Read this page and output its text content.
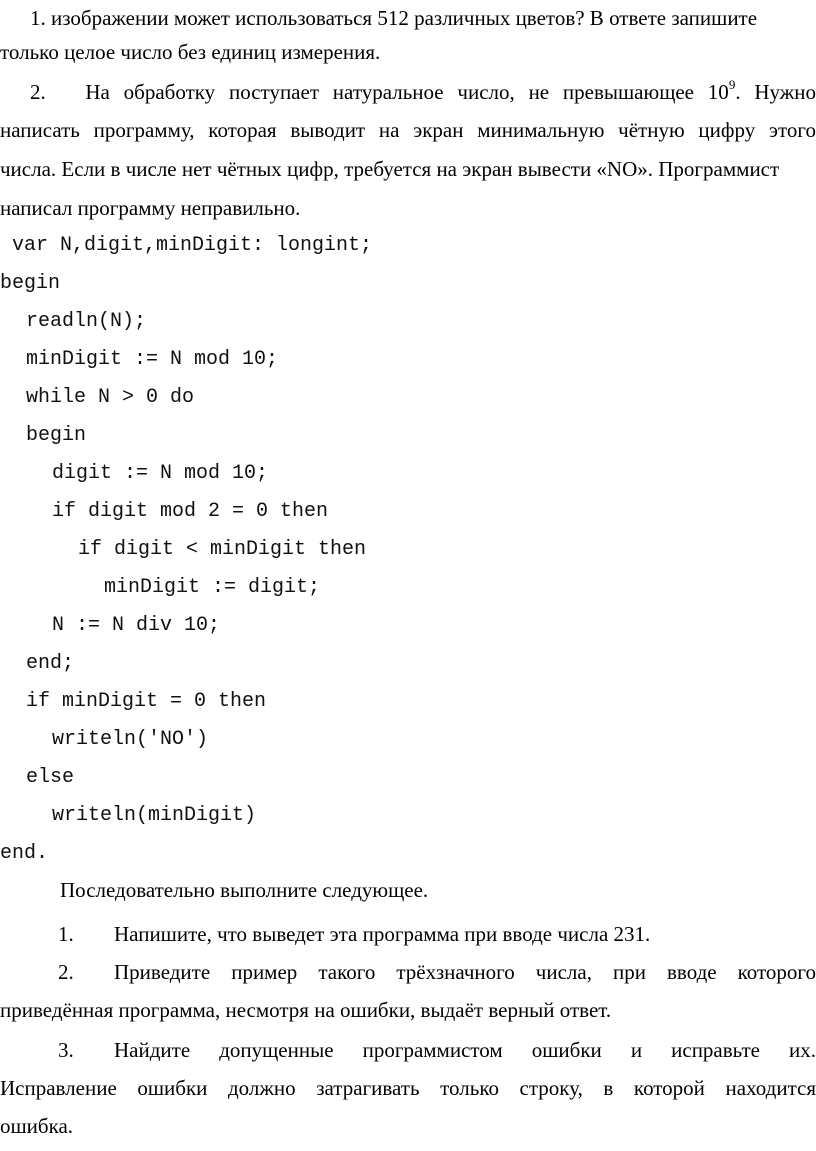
1. изображении может использоваться 512 различных цветов? В ответе запишите
только целое число без единиц измерения.
2. На обработку поступает натуральное число, не превышающее $10^9$. Нужно
написать программу, которая выводит на экран минимальную чётную цифру этого
числа. Если в числе нет чётных цифр, требуется на экран вывести «NO». Программист
написал программу неправильно.
var N,digit,minDigit: longint;
begin
readln(N);
minDigit := N mod 10;
while N > 0 do
begin
digit := N mod 10;
if digit mod 2 = 0 then
if digit < minDigit then
minDigit := digit;
N := N div 10;
end;
if minDigit = 0 then
writeln('NO')
else
writeln(minDigit)
end.
Последовательно выполните следующее.
1. Напишите, что выведет эта программа при вводе числа 231.
2. Приведите пример такого трёхзначного числа, при вводе которого
приведённая программа, несмотря на ошибки, выдаёт верный ответ.
3. Найдите допущенные программистом ошибки и исправьте их.
Исправление ошибки должно затрагивать только строку, в которой находится
ошибка.
